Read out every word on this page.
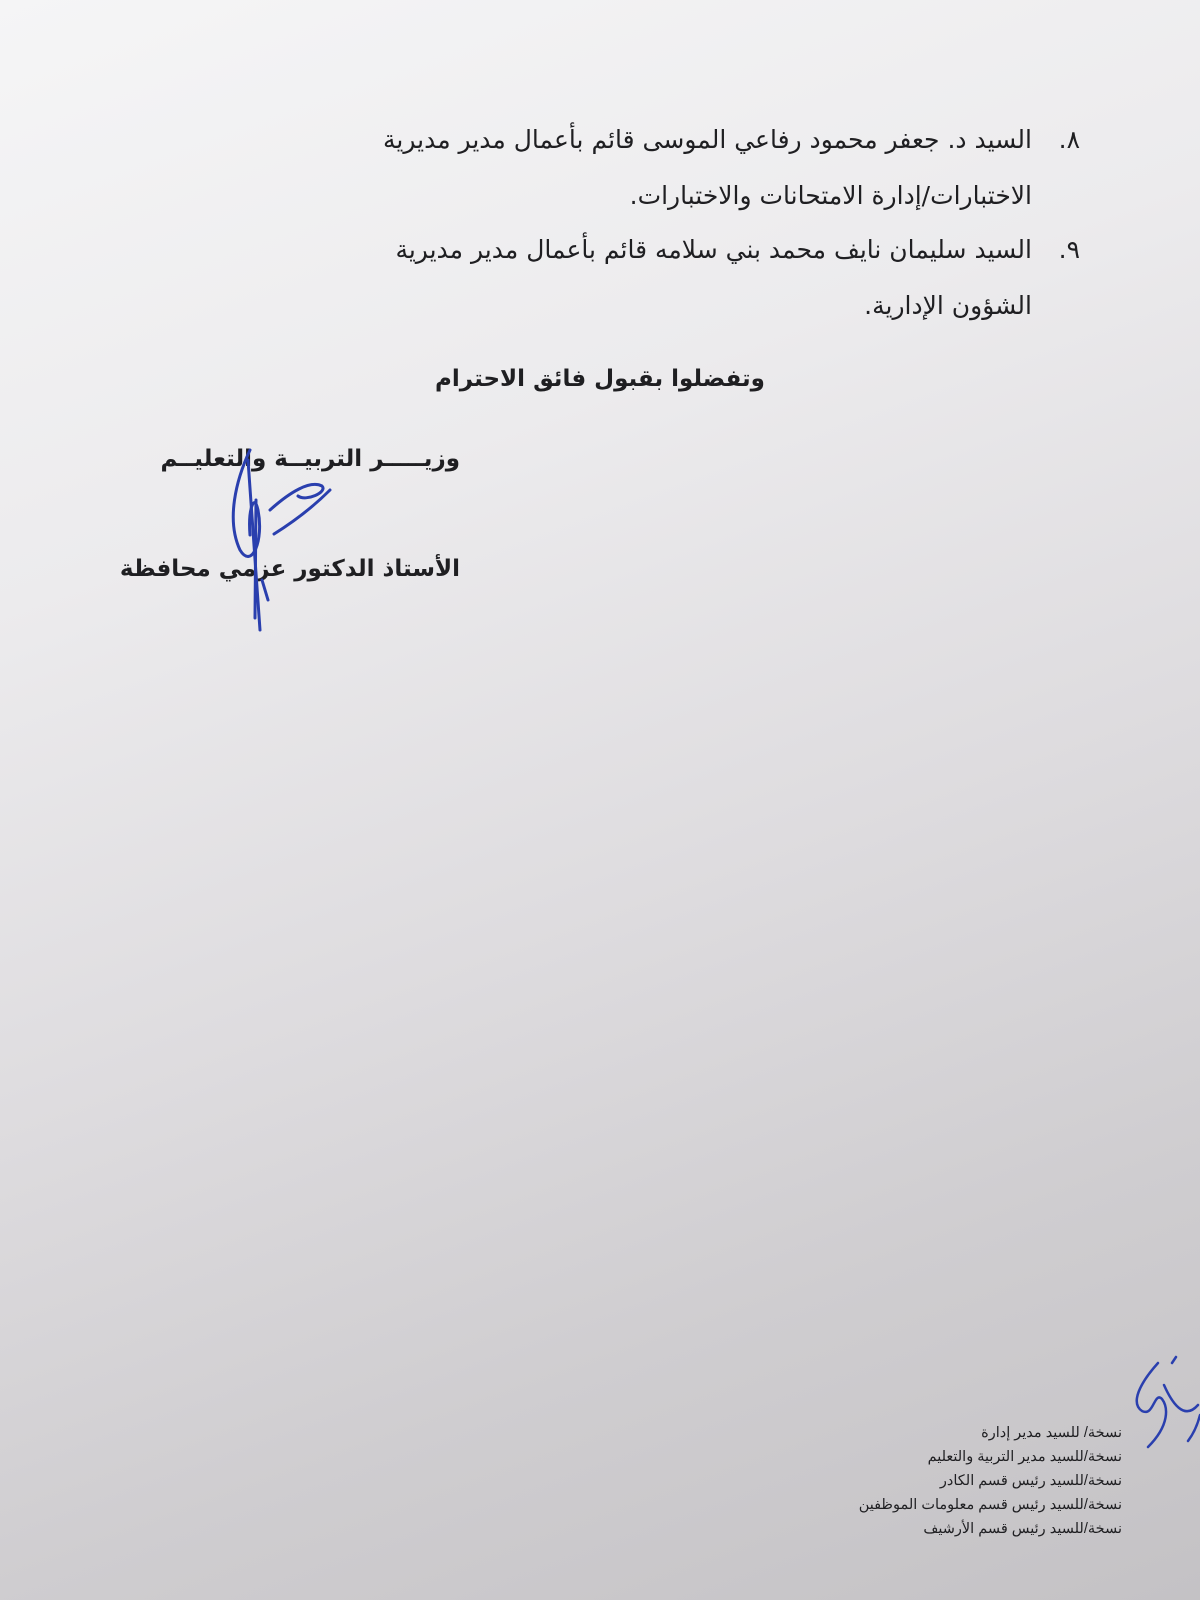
٨.السيد د. جعفر محمود رفاعي الموسى قائم بأعمال مدير مديرية
الاختبارات/إدارة الامتحانات والاختبارات.
٩.السيد سليمان نايف محمد بني سلامه قائم بأعمال مدير مديرية
الشؤون الإدارية.
وتفضلوا بقبول فائق الاحترام
وزيـــــر التربيــة والتعليــم
الأستاذ الدكتور عزمي محافظة
نسخة/ للسيد مدير إدارة
نسخة/للسيد مدير التربية والتعليم
نسخة/للسيد رئيس قسم الكادر
نسخة/للسيد رئيس قسم معلومات الموظفين
نسخة/للسيد رئيس قسم الأرشيف
